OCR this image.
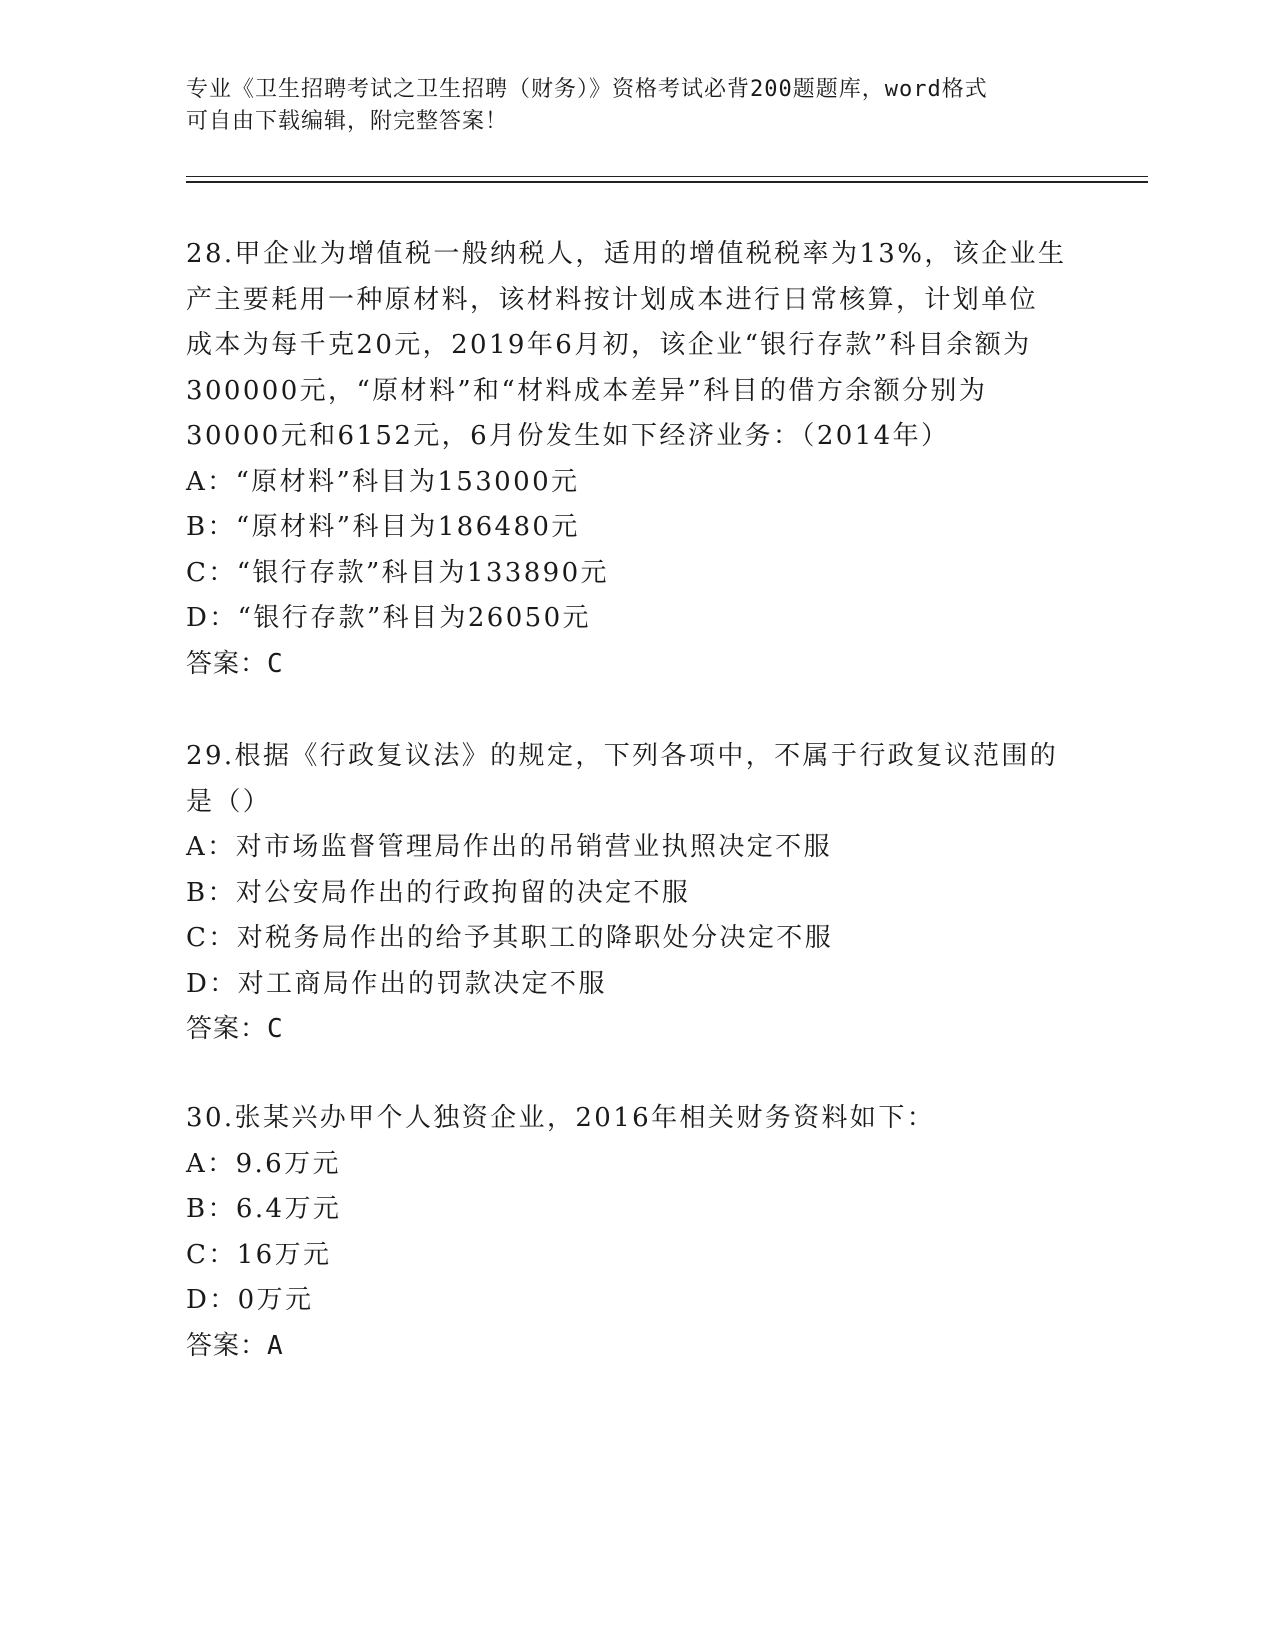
专业《卫生招聘考试之卫生招聘（财务）》资格考试必背200题题库，word格式
可自由下载编辑，附完整答案！
28.甲企业为增值税一般纳税人，适用的增值税税率为13%，该企业生
产主要耗用一种原材料，该材料按计划成本进行日常核算，计划单位
成本为每千克20元，2019年6月初，该企业“银行存款”科目余额为
300000元，“原材料”和“材料成本差异”科目的借方余额分别为
30000元和6152元，6月份发生如下经济业务：（2014年）
A：“原材料”科目为153000元
B：“原材料”科目为186480元
C：“银行存款”科目为133890元
D：“银行存款”科目为26050元
答案：C
29.根据《行政复议法》的规定，下列各项中，不属于行政复议范围的
是（）
A：对市场监督管理局作出的吊销营业执照决定不服
B：对公安局作出的行政拘留的决定不服
C：对税务局作出的给予其职工的降职处分决定不服
D：对工商局作出的罚款决定不服
答案：C
30.张某兴办甲个人独资企业，2016年相关财务资料如下：
A：9.6万元
B：6.4万元
C：16万元
D：0万元
答案：A
